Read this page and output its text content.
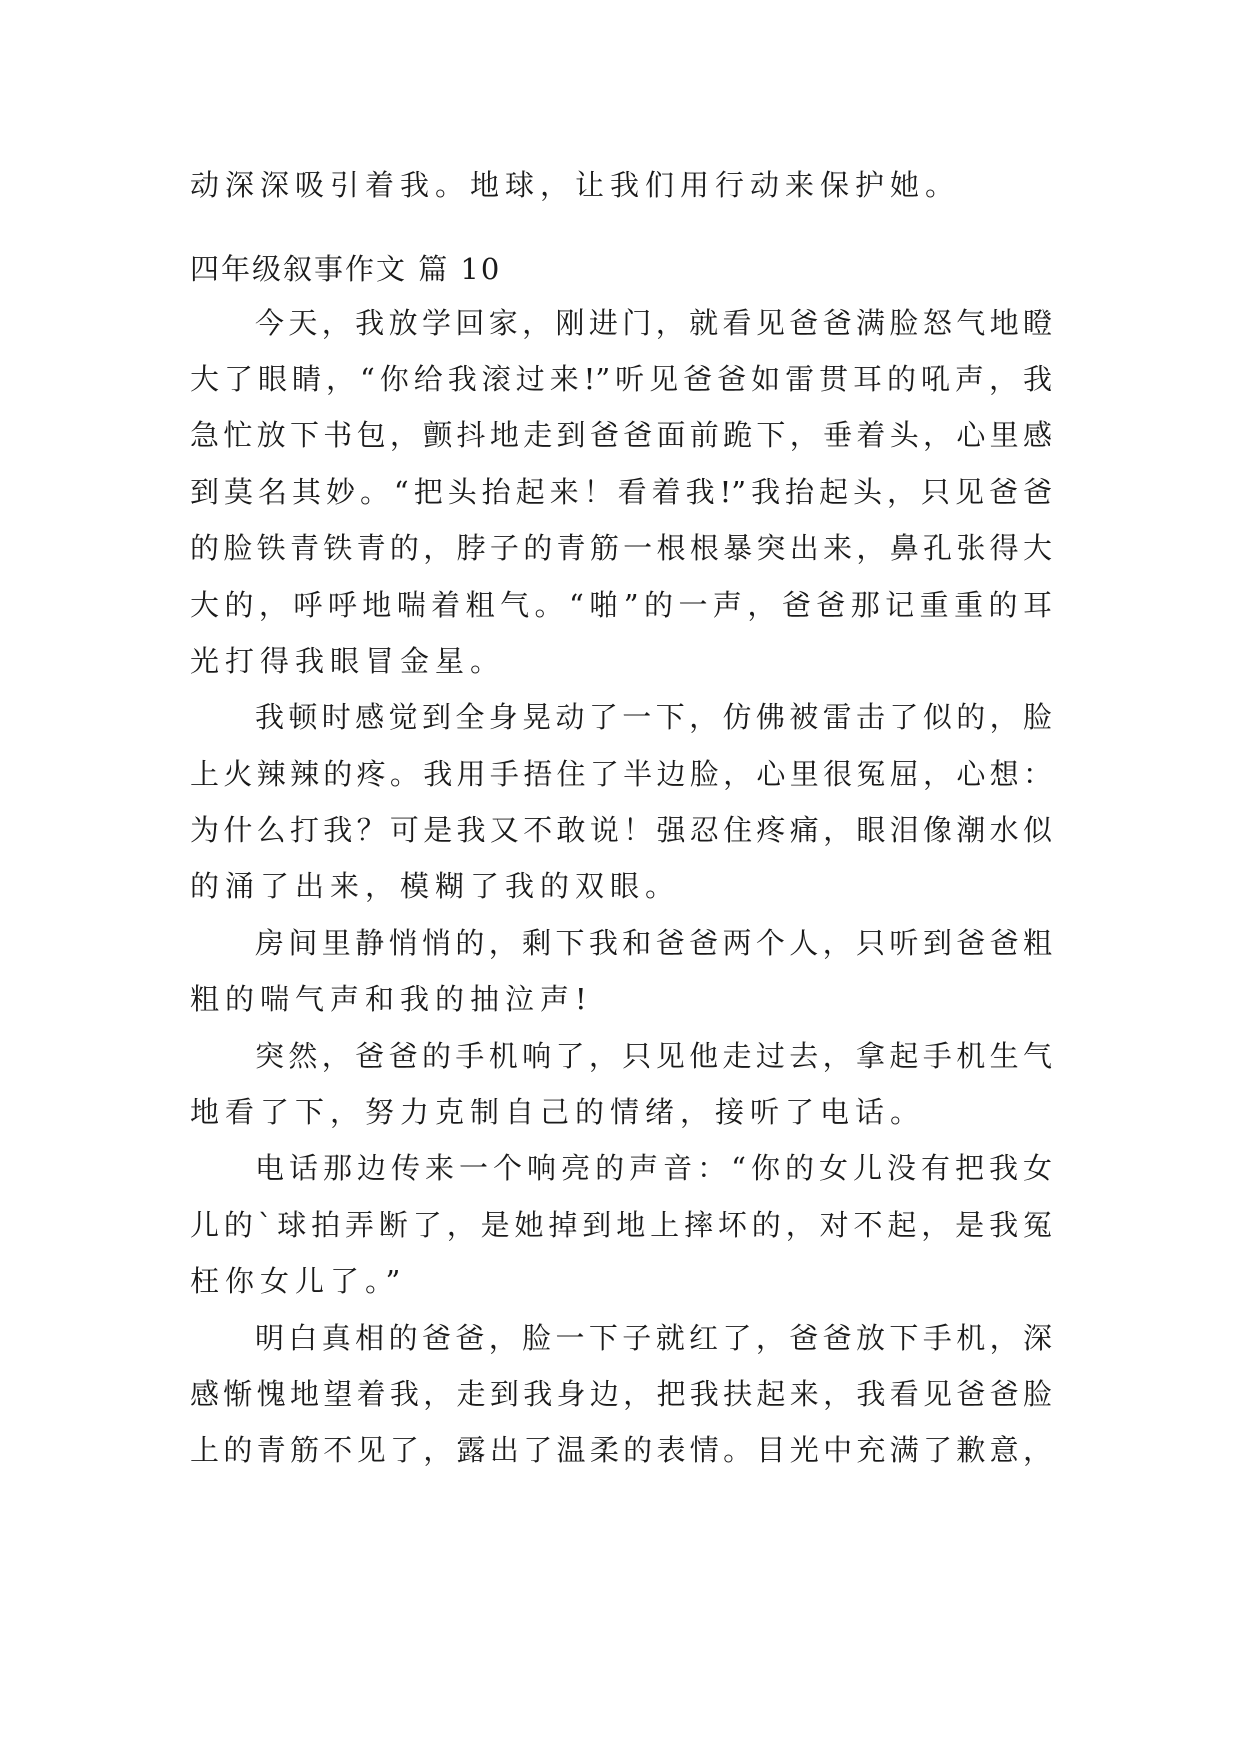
动深深吸引着我。地球，让我们用行动来保护她。
四年级叙事作文 篇 10
今天，我放学回家，刚进门，就看见爸爸满脸怒气地瞪
大了眼睛，“你给我滚过来!”听见爸爸如雷贯耳的吼声，我
急忙放下书包，颤抖地走到爸爸面前跪下，垂着头，心里感
到莫名其妙。“把头抬起来！看着我!”我抬起头，只见爸爸
的脸铁青铁青的，脖子的青筋一根根暴突出来，鼻孔张得大
大的，呼呼地喘着粗气。“啪”的一声，爸爸那记重重的耳
光打得我眼冒金星。
我顿时感觉到全身晃动了一下，仿佛被雷击了似的，脸
上火辣辣的疼。我用手捂住了半边脸，心里很冤屈，心想：
为什么打我？可是我又不敢说！强忍住疼痛，眼泪像潮水似
的涌了出来，模糊了我的双眼。
房间里静悄悄的，剩下我和爸爸两个人，只听到爸爸粗
粗的喘气声和我的抽泣声!
突然，爸爸的手机响了，只见他走过去，拿起手机生气
地看了下，努力克制自己的情绪，接听了电话。
电话那边传来一个响亮的声音：“你的女儿没有把我女
儿的`球拍弄断了，是她掉到地上摔坏的，对不起，是我冤
枉你女儿了。”
明白真相的爸爸，脸一下子就红了，爸爸放下手机，深
感惭愧地望着我，走到我身边，把我扶起来，我看见爸爸脸
上的青筋不见了，露出了温柔的表情。目光中充满了歉意，
